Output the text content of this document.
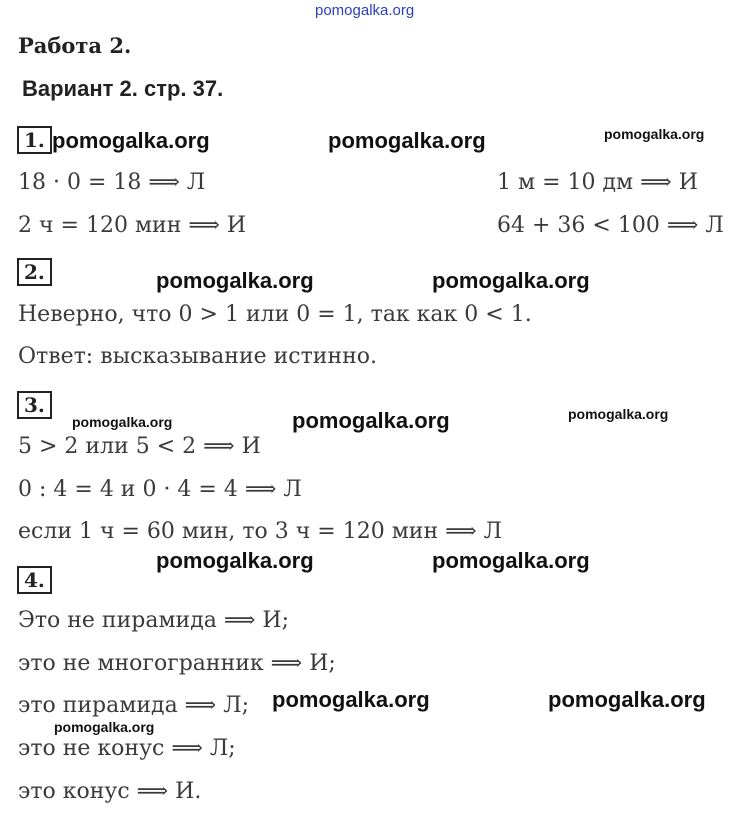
pomogalka.org
Работа 2.
Вариант 2. стр. 37.
1. pomogalka.org	pomogalka.org	pomogalka.org
18 · 0 = 18 ⟹ Л	1 м = 10 дм ⟹ И
2 ч = 120 мин ⟹ И	64 + 36 < 100 ⟹ Л
2.	pomogalka.org	pomogalka.org
Неверно, что 0 > 1 или 0 = 1, так как 0 < 1.
Ответ: высказывание истинно.
3.
pomogalka.org	pomogalka.org	pomogalka.org
5 > 2 или 5 < 2 ⟹ И
0 : 4 = 4 и 0 · 4 = 4 ⟹ Л
если 1 ч = 60 мин, то 3 ч = 120 мин ⟹ Л
4.
pomogalka.org	pomogalka.org
Это не пирамида ⟹ И;
это не многогранник ⟹ И;
pomogalka.org	pomogalka.org
это пирамида ⟹ Л;
pomogalka.org
это не конус ⟹ Л;
это конус ⟹ И.
